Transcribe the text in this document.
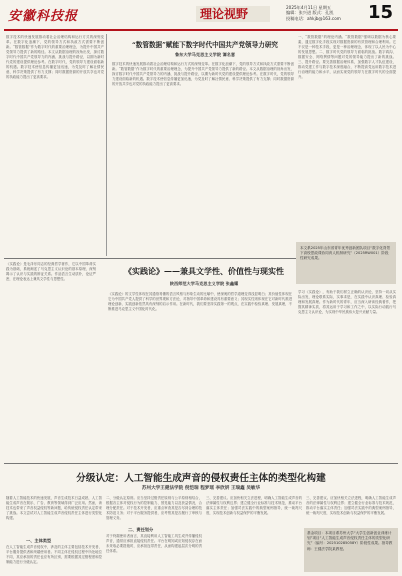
安徽科技报	理论视野	2025年4月11日 星期五
编辑：张兴进 版式：孔凯
投稿电话：ahkjb@163.com	15
数字技术的快速发展推动着社会治理结构和运行方式的深刻变革。在数字化浪潮下，党的领导方式和执政方式需要不断创新。“数管数据”作为数字时代的重要治理理念，为提升中国共产党领导力提供了新的路径。本文从数据治理的视角出发，探讨数字时代中国共产党领导力的内涵、挑战与提升路径，以期为新时代党的建设提供理论参考。在数字时代，党的领导力建设面临新的机遇。数字技术使信息传播更加迅速，为党及时了解社情民意、科学决策提供了有力支撑；同时数据资源的开放共享也对党的执政能力提出了更高要求。
“数管数据”赋能下数字时代中国共产党领导力研究
鲁东大学马克思主义学院 谭名意
数字技术的快速发展推动着社会治理结构和运行方式的深刻变革。在数字化浪潮下，党的领导方式和执政方式需要不断创新。“数管数据”作为数字时代的重要治理理念，为提升中国共产党领导力提供了新的路径。本文从数据治理的视角出发，探讨数字时代中国共产党领导力的内涵、挑战与提升路径，以期为新时代党的建设提供理论参考。在数字时代，党的领导力建设面临新的机遇。数字技术使信息传播更加迅速，为党及时了解社情民意、科学决策提供了有力支撑；同时数据资源的开放共享也对党的执政能力提出了更高要求。
一、“数管数据”的理论内涵。“数管数据”强调以数据为核心要素，通过数字化手段实现对数据资源的有效管理和合理利用。它不仅是一种技术手段，更是一种治理理念，体现了以人民为中心的发展思想。二、数字时代党的领导力面临的挑战。数字鸿沟、数据安全、网络舆情等问题对党的领导能力提出了新的挑战。三、提升路径。要完善数据治理体系，加强数字人才队伍建设，推动党建工作与数字技术深度融合，不断提高党运用数字技术进行治理的能力和水平，从而实现党的领导力在数字时代的全面提升。
本文系2025年山东省青年优秀创新团队项目“数字化背景下高校思政课协同育人机制研究”（2025RW001）阶段性研究成果。
《实践论》是毛泽东同志的经典哲学著作，它以中国革命实践为基础，系统阐述了马克思主义认识论的基本原理，深刻揭示了认识与实践的辩证关系。作品语言生动质朴，论证严密，在理论表达上兼具文学性与思想性。
《实践论》——兼具文学性、价值性与现实性
陕西师范大学马克思主义学院 张鑫耀
《实践论》的文学性体现在其通俗易懂的语言风格与形象生动的比喻中，使深奥的哲学道理变得浅显明白；其价值性体现在它为中国共产党人提供了科学的世界观和方法论，对指导中国革命和建设具有重要意义；其现实性则体现在它对新时代推进理论创新、实践创新依然具有深刻的启示作用。在新时代，我们要坚持实践第一的观点，在实践中检验真理、发展真理，不断推进马克思主义中国化时代化。
学习《实践论》，有助于我们树立正确的认识论，坚持一切从实际出发，理论联系实际，实事求是，在实践中认识真理、检验真理和发展真理。作为新时代的青年，应当深入研读经典著作，把握其精神实质，将其运用于学习和工作之中，以实际行动践行马克思主义认识论，为实现中华民族伟大复兴贡献力量。
分级认定：人工智能生成声音的侵权责任主体的类型化构建
苏州大学王健法学院 倪恺瑞 程梦瑶 李欣妍 王瑞鑫 吴敏华
随着人工智能技术的快速发展，声音生成技术日益成熟，人工智能生成声音在娱乐、广告、教育等领域得到广泛应用。然而，该技术也带来了声音权益侵权等新问题，给传统侵权责任认定带来了挑战。本文尝试对人工智能生成声音侵权责任主体进行类型化构建。
一、主体类型
在人工智能生成声音侵权中，涉及的主体主要包括技术开发者、平台服务提供者和终端使用者。不同主体在侵权过程中所处地位不同，其应承担的责任也应有所区别，需要根据其过错程度和控制能力进行分级认定。
二、分级认定原则。应当坚持过错责任原则与公平原则相结合，根据各主体对侵权行为的控制能力、预见能力以及获益情况，合理分配责任。对于技术开发者，应重点审查其是否尽到合理的技术防范义务；对于平台服务提供者，应考察其是否履行了审核与管理义务。
二、责任划分
对于终端使用者而言，其直接利用人工智能工具生成并传播侵权声音，通常应承担直接侵权责任。平台在明知或应知侵权存在而未采取必要措施时，应承担连带责任，从而构建起层次分明的责任体系。
三、完善建议。应加快相关立法进程，明确人工智能生成声音的法律属性与权利边界；建立健全行业标准与技术规范，推动平台落实主体责任；加强司法实践中的典型案例指导，统一裁判尺度，实现技术创新与权益保护的平衡发展。
三、完善建议。应加快相关立法进程，明确人工智能生成声音的法律属性与权利边界；建立健全行业标准与技术规范，推动平台落实主体责任；加强司法实践中的典型案例指导，统一裁判尺度，实现技术创新与权益保护的平衡发展。
基金项目：本项目系苏州大学“大学生创新创业训练计划”项目“人工智能生成声音侵权责任主体的类型化研究”（编号：202510285058Y）阶段性成果。指导教师：王健法学院某教授。
